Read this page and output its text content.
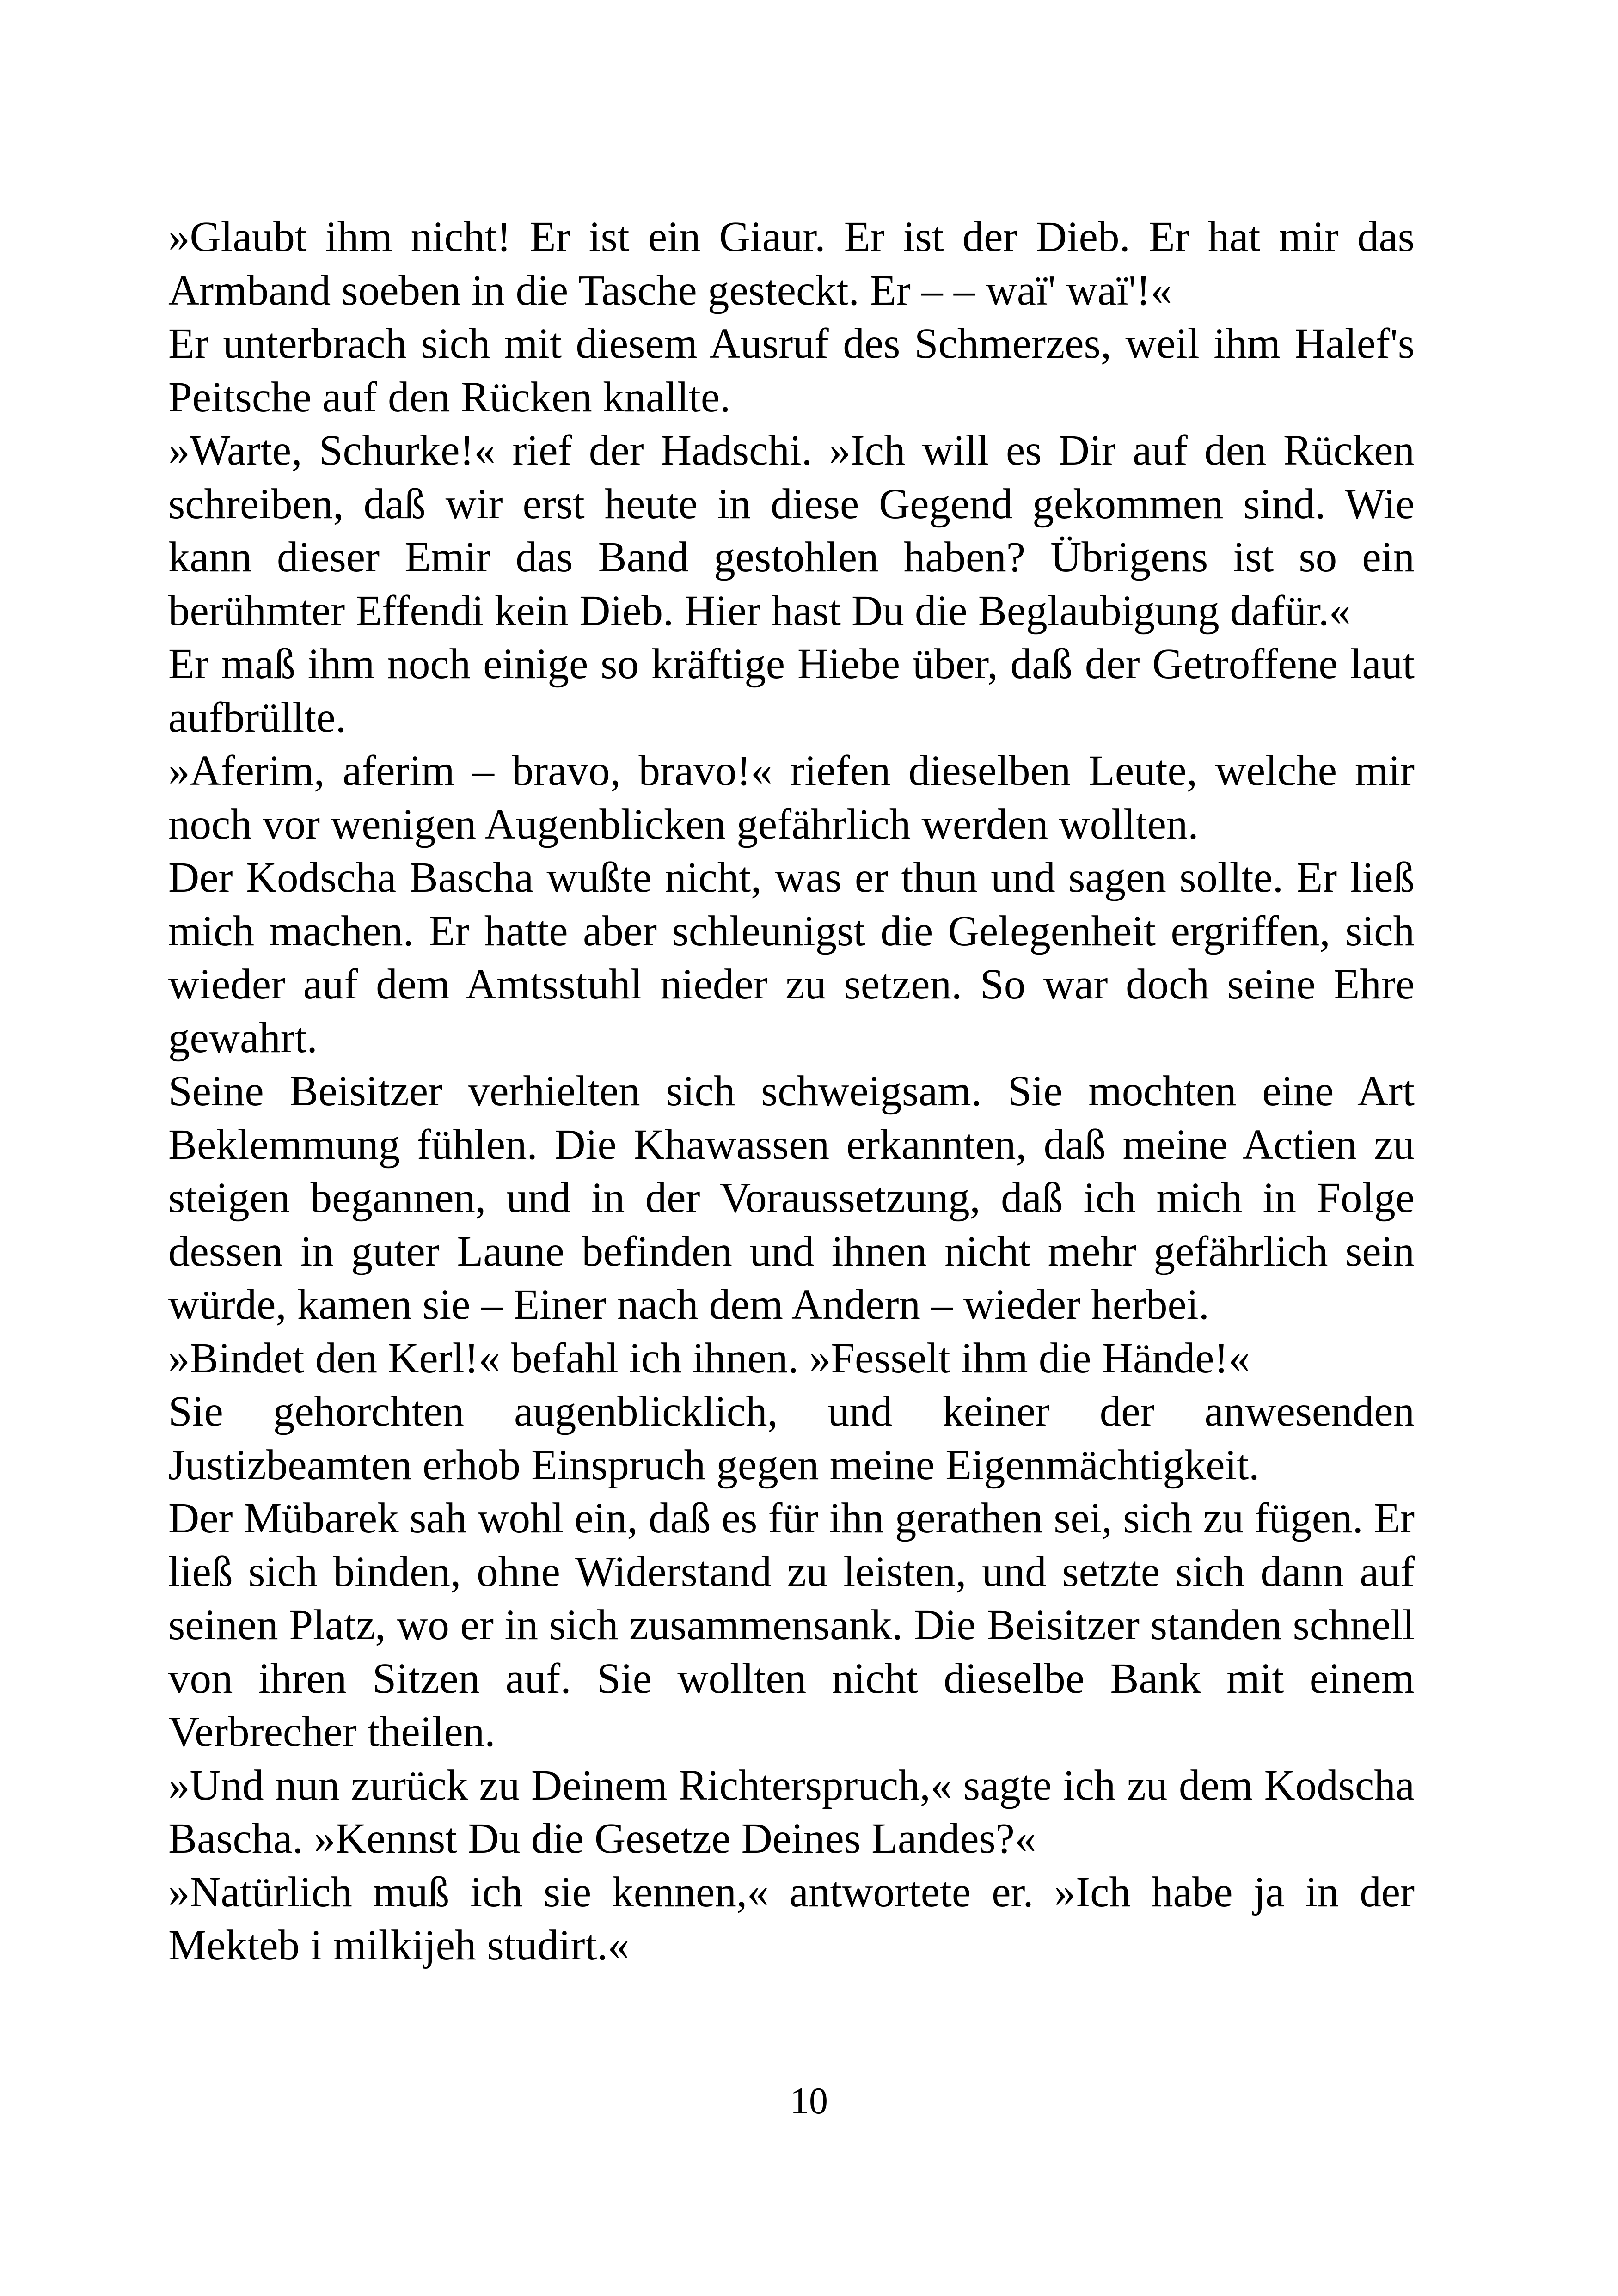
»Glaubt ihm nicht! Er ist ein Giaur. Er ist der Dieb. Er hat mir das Armband soeben in die Tasche gesteckt. Er – – waï' waï'!«

Er unterbrach sich mit diesem Ausruf des Schmerzes, weil ihm Halef's Peitsche auf den Rücken knallte.

»Warte, Schurke!« rief der Hadschi. »Ich will es Dir auf den Rücken schreiben, daß wir erst heute in diese Gegend gekommen sind. Wie kann dieser Emir das Band gestohlen haben? Übrigens ist so ein berühmter Effendi kein Dieb. Hier hast Du die Beglaubigung dafür.«

Er maß ihm noch einige so kräftige Hiebe über, daß der Getroffene laut aufbrüllte.

»Aferim, aferim – bravo, bravo!« riefen dieselben Leute, welche mir noch vor wenigen Augenblicken gefährlich werden wollten.

Der Kodscha Bascha wußte nicht, was er thun und sagen sollte. Er ließ mich machen. Er hatte aber schleunigst die Gelegenheit ergriffen, sich wieder auf dem Amtsstuhl nieder zu setzen. So war doch seine Ehre gewahrt.

Seine Beisitzer verhielten sich schweigsam. Sie mochten eine Art Beklemmung fühlen. Die Khawassen erkannten, daß meine Actien zu steigen begannen, und in der Voraussetzung, daß ich mich in Folge dessen in guter Laune befinden und ihnen nicht mehr gefährlich sein würde, kamen sie – Einer nach dem Andern – wieder herbei.

»Bindet den Kerl!« befahl ich ihnen. »Fesselt ihm die Hände!«

Sie gehorchten augenblicklich, und keiner der anwesenden Justizbeamten erhob Einspruch gegen meine Eigenmächtigkeit.

Der Mübarek sah wohl ein, daß es für ihn gerathen sei, sich zu fügen. Er ließ sich binden, ohne Widerstand zu leisten, und setzte sich dann auf seinen Platz, wo er in sich zusammensank. Die Beisitzer standen schnell von ihren Sitzen auf. Sie wollten nicht dieselbe Bank mit einem Verbrecher theilen.

»Und nun zurück zu Deinem Richterspruch,« sagte ich zu dem Kodscha Bascha. »Kennst Du die Gesetze Deines Landes?«

»Natürlich muß ich sie kennen,« antwortete er. »Ich habe ja in der Mekteb i milkijeh studirt.«

10
